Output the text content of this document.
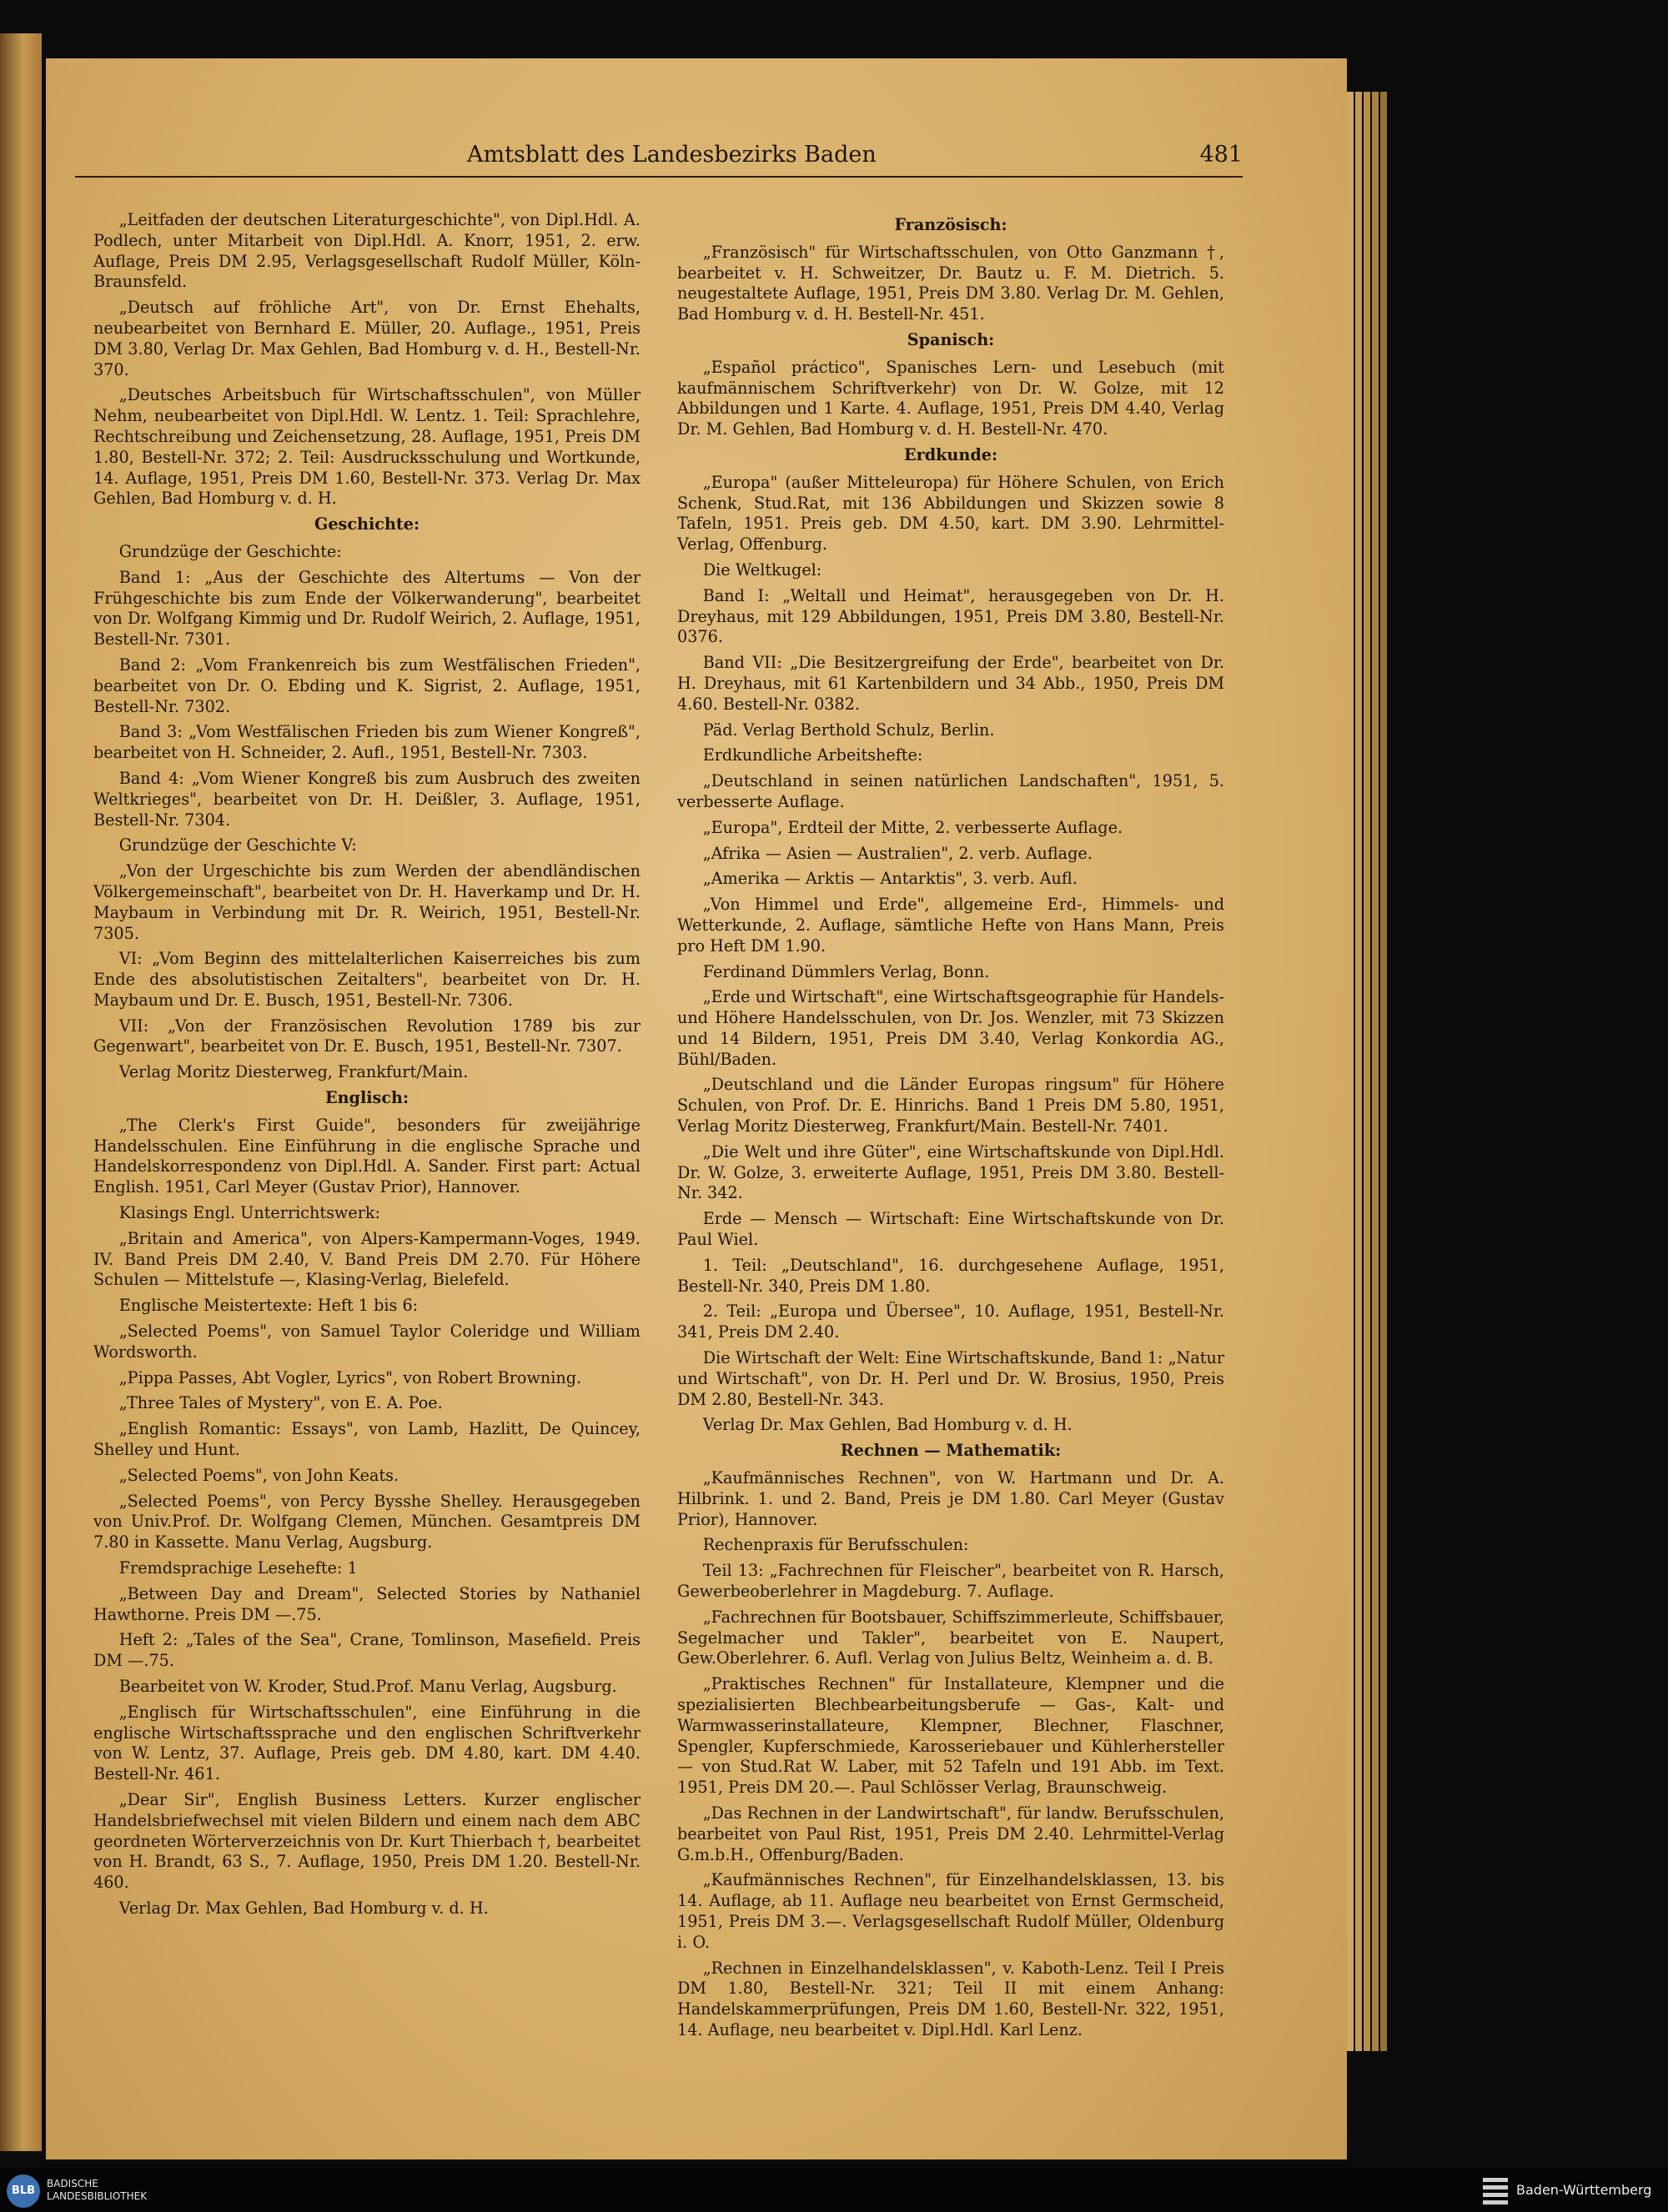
Amtsblatt des Landesbezirks Baden	481

„Leitfaden der deutschen Literaturgeschichte", von Dipl.Hdl. A. Podlech, unter Mitarbeit von Dipl.Hdl. A. Knorr, 1951, 2. erw. Auflage, Preis DM 2.95, Verlagsgesellschaft Rudolf Müller, Köln-Braunsfeld.

„Deutsch auf fröhliche Art", von Dr. Ernst Ehehalts, neubearbeitet von Bernhard E. Müller, 20. Auflage., 1951, Preis DM 3.80, Verlag Dr. Max Gehlen, Bad Homburg v. d. H., Bestell-Nr. 370.

„Deutsches Arbeitsbuch für Wirtschaftsschulen", von Müller Nehm, neubearbeitet von Dipl.Hdl. W. Lentz. 1. Teil: Sprachlehre, Rechtschreibung und Zeichensetzung, 28. Auflage, 1951, Preis DM 1.80, Bestell-Nr. 372; 2. Teil: Ausdrucksschulung und Wortkunde, 14. Auflage, 1951, Preis DM 1.60, Bestell-Nr. 373. Verlag Dr. Max Gehlen, Bad Homburg v. d. H.

Geschichte:

Grundzüge der Geschichte:

Band 1: „Aus der Geschichte des Altertums — Von der Frühgeschichte bis zum Ende der Völkerwanderung", bearbeitet von Dr. Wolfgang Kimmig und Dr. Rudolf Weirich, 2. Auflage, 1951, Bestell-Nr. 7301.

Band 2: „Vom Frankenreich bis zum Westfälischen Frieden", bearbeitet von Dr. O. Ebding und K. Sigrist, 2. Auflage, 1951, Bestell-Nr. 7302.

Band 3: „Vom Westfälischen Frieden bis zum Wiener Kongreß", bearbeitet von H. Schneider, 2. Aufl., 1951, Bestell-Nr. 7303.

Band 4: „Vom Wiener Kongreß bis zum Ausbruch des zweiten Weltkrieges", bearbeitet von Dr. H. Deißler, 3. Auflage, 1951, Bestell-Nr. 7304.

Grundzüge der Geschichte V:

„Von der Urgeschichte bis zum Werden der abendländischen Völkergemeinschaft", bearbeitet von Dr. H. Haverkamp und Dr. H. Maybaum in Verbindung mit Dr. R. Weirich, 1951, Bestell-Nr. 7305.

VI: „Vom Beginn des mittelalterlichen Kaiserreiches bis zum Ende des absolutistischen Zeitalters", bearbeitet von Dr. H. Maybaum und Dr. E. Busch, 1951, Bestell-Nr. 7306.

VII: „Von der Französischen Revolution 1789 bis zur Gegenwart", bearbeitet von Dr. E. Busch, 1951, Bestell-Nr. 7307.

Verlag Moritz Diesterweg, Frankfurt/Main.

Englisch:

„The Clerk's First Guide", besonders für zweijährige Handelsschulen. Eine Einführung in die englische Sprache und Handelskorrespondenz von Dipl.Hdl. A. Sander. First part: Actual English. 1951, Carl Meyer (Gustav Prior), Hannover.

Klasings Engl. Unterrichtswerk:

„Britain and America", von Alpers-Kampermann-Voges, 1949. IV. Band Preis DM 2.40, V. Band Preis DM 2.70. Für Höhere Schulen — Mittelstufe —, Klasing-Verlag, Bielefeld.

Englische Meistertexte: Heft 1 bis 6:

„Selected Poems", von Samuel Taylor Coleridge und William Wordsworth.

„Pippa Passes, Abt Vogler, Lyrics", von Robert Browning.

„Three Tales of Mystery", von E. A. Poe.

„English Romantic: Essays", von Lamb, Hazlitt, De Quincey, Shelley und Hunt.

„Selected Poems", von John Keats.

„Selected Poems", von Percy Bysshe Shelley. Herausgegeben von Univ.Prof. Dr. Wolfgang Clemen, München. Gesamtpreis DM 7.80 in Kassette. Manu Verlag, Augsburg.

Fremdsprachige Lesehefte: 1

„Between Day and Dream", Selected Stories by Nathaniel Hawthorne. Preis DM —.75.

Heft 2: „Tales of the Sea", Crane, Tomlinson, Masefield. Preis DM —.75.

Bearbeitet von W. Kroder, Stud.Prof. Manu Verlag, Augsburg.

„Englisch für Wirtschaftsschulen", eine Einführung in die englische Wirtschaftssprache und den englischen Schriftverkehr von W. Lentz, 37. Auflage, Preis geb. DM 4.80, kart. DM 4.40. Bestell-Nr. 461.

„Dear Sir", English Business Letters. Kurzer englischer Handelsbriefwechsel mit vielen Bildern und einem nach dem ABC geordneten Wörterverzeichnis von Dr. Kurt Thierbach †, bearbeitet von H. Brandt, 63 S., 7. Auflage, 1950, Preis DM 1.20. Bestell-Nr. 460.

Verlag Dr. Max Gehlen, Bad Homburg v. d. H.

Französisch:

„Französisch" für Wirtschaftsschulen, von Otto Ganzmann †, bearbeitet v. H. Schweitzer, Dr. Bautz u. F. M. Dietrich. 5. neugestaltete Auflage, 1951, Preis DM 3.80. Verlag Dr. M. Gehlen, Bad Homburg v. d. H. Bestell-Nr. 451.

Spanisch:

„Español práctico", Spanisches Lern- und Lesebuch (mit kaufmännischem Schriftverkehr) von Dr. W. Golze, mit 12 Abbildungen und 1 Karte. 4. Auflage, 1951, Preis DM 4.40, Verlag Dr. M. Gehlen, Bad Homburg v. d. H. Bestell-Nr. 470.

Erdkunde:

„Europa" (außer Mitteleuropa) für Höhere Schulen, von Erich Schenk, Stud.Rat, mit 136 Abbildungen und Skizzen sowie 8 Tafeln, 1951. Preis geb. DM 4.50, kart. DM 3.90. Lehrmittel-Verlag, Offenburg.

Die Weltkugel:

Band I: „Weltall und Heimat", herausgegeben von Dr. H. Dreyhaus, mit 129 Abbildungen, 1951, Preis DM 3.80, Bestell-Nr. 0376.

Band VII: „Die Besitzergreifung der Erde", bearbeitet von Dr. H. Dreyhaus, mit 61 Kartenbildern und 34 Abb., 1950, Preis DM 4.60. Bestell-Nr. 0382.

Päd. Verlag Berthold Schulz, Berlin.

Erdkundliche Arbeitshefte:

„Deutschland in seinen natürlichen Landschaften", 1951, 5. verbesserte Auflage.

„Europa", Erdteil der Mitte, 2. verbesserte Auflage.

„Afrika — Asien — Australien", 2. verb. Auflage.

„Amerika — Arktis — Antarktis", 3. verb. Aufl.

„Von Himmel und Erde", allgemeine Erd-, Himmels- und Wetterkunde, 2. Auflage, sämtliche Hefte von Hans Mann, Preis pro Heft DM 1.90.

Ferdinand Dümmlers Verlag, Bonn.

„Erde und Wirtschaft", eine Wirtschaftsgeographie für Handels- und Höhere Handelsschulen, von Dr. Jos. Wenzler, mit 73 Skizzen und 14 Bildern, 1951, Preis DM 3.40, Verlag Konkordia AG., Bühl/Baden.

„Deutschland und die Länder Europas ringsum" für Höhere Schulen, von Prof. Dr. E. Hinrichs. Band 1 Preis DM 5.80, 1951, Verlag Moritz Diesterweg, Frankfurt/Main. Bestell-Nr. 7401.

„Die Welt und ihre Güter", eine Wirtschaftskunde von Dipl.Hdl. Dr. W. Golze, 3. erweiterte Auflage, 1951, Preis DM 3.80. Bestell-Nr. 342.

Erde — Mensch — Wirtschaft: Eine Wirtschaftskunde von Dr. Paul Wiel.

1. Teil: „Deutschland", 16. durchgesehene Auflage, 1951, Bestell-Nr. 340, Preis DM 1.80.

2. Teil: „Europa und Übersee", 10. Auflage, 1951, Bestell-Nr. 341, Preis DM 2.40.

Die Wirtschaft der Welt: Eine Wirtschaftskunde, Band 1: „Natur und Wirtschaft", von Dr. H. Perl und Dr. W. Brosius, 1950, Preis DM 2.80, Bestell-Nr. 343.

Verlag Dr. Max Gehlen, Bad Homburg v. d. H.

Rechnen — Mathematik:

„Kaufmännisches Rechnen", von W. Hartmann und Dr. A. Hilbrink. 1. und 2. Band, Preis je DM 1.80. Carl Meyer (Gustav Prior), Hannover.

Rechenpraxis für Berufsschulen:

Teil 13: „Fachrechnen für Fleischer", bearbeitet von R. Harsch, Gewerbeoberlehrer in Magdeburg. 7. Auflage.

„Fachrechnen für Bootsbauer, Schiffszimmerleute, Schiffsbauer, Segelmacher und Takler", bearbeitet von E. Naupert, Gew.Oberlehrer. 6. Aufl. Verlag von Julius Beltz, Weinheim a. d. B.

„Praktisches Rechnen" für Installateure, Klempner und die spezialisierten Blechbearbeitungsberufe — Gas-, Kalt- und Warmwasserinstallateure, Klempner, Blechner, Flaschner, Spengler, Kupferschmiede, Karosseriebauer und Kühlerhersteller — von Stud.Rat W. Laber, mit 52 Tafeln und 191 Abb. im Text. 1951, Preis DM 20.—. Paul Schlösser Verlag, Braunschweig.

„Das Rechnen in der Landwirtschaft", für landw. Berufsschulen, bearbeitet von Paul Rist, 1951, Preis DM 2.40. Lehrmittel-Verlag G.m.b.H., Offenburg/Baden.

„Kaufmännisches Rechnen", für Einzelhandelsklassen, 13. bis 14. Auflage, ab 11. Auflage neu bearbeitet von Ernst Germscheid, 1951, Preis DM 3.—. Verlagsgesellschaft Rudolf Müller, Oldenburg i. O.

„Rechnen in Einzelhandelsklassen", v. Kaboth-Lenz. Teil I Preis DM 1.80, Bestell-Nr. 321; Teil II mit einem Anhang: Handelskammerprüfungen, Preis DM 1.60, Bestell-Nr. 322, 1951, 14. Auflage, neu bearbeitet v. Dipl.Hdl. Karl Lenz.

BLB
BADISCHE
LANDESBIBLIOTHEK	Baden-Württemberg
